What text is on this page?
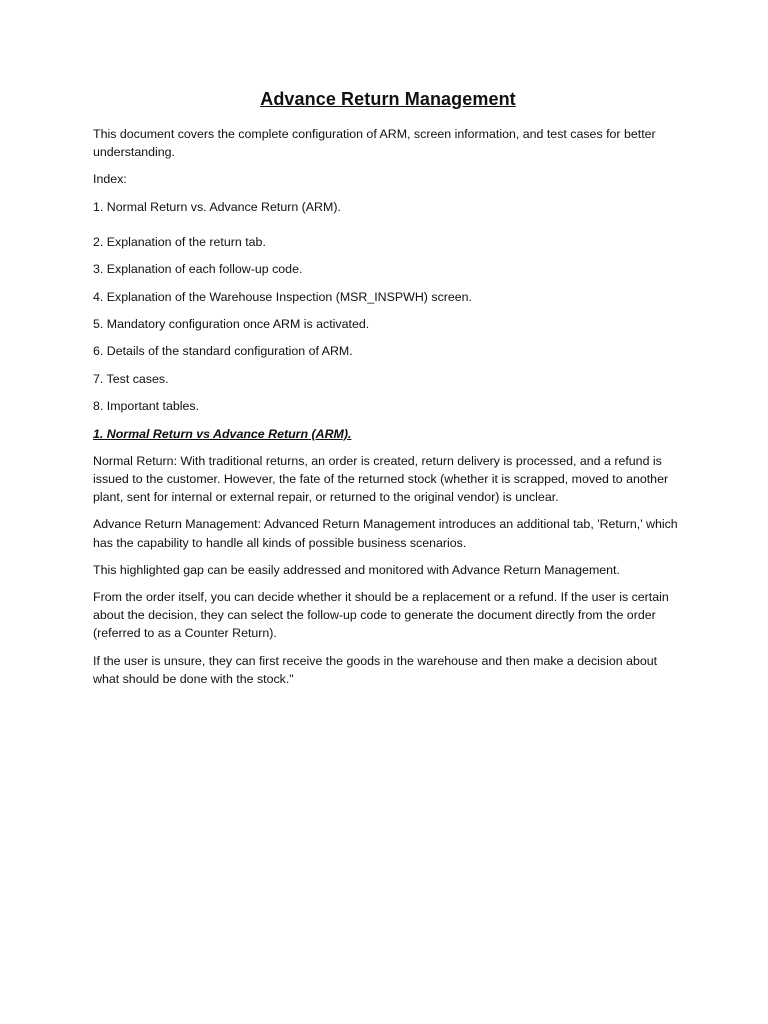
Advance Return Management

This document covers the complete configuration of ARM, screen information, and test cases for better understanding.

Index:

1. Normal Return vs. Advance Return (ARM).

2. Explanation of the return tab.

3. Explanation of each follow-up code.

4. Explanation of the Warehouse Inspection (MSR_INSPWH) screen.

5. Mandatory configuration once ARM is activated.

6. Details of the standard configuration of ARM.

7. Test cases.

8. Important tables.

1. Normal Return vs Advance Return (ARM).

Normal Return: With traditional returns, an order is created, return delivery is processed, and a refund is issued to the customer. However, the fate of the returned stock (whether it is scrapped, moved to another plant, sent for internal or external repair, or returned to the original vendor) is unclear.

Advance Return Management: Advanced Return Management introduces an additional tab, 'Return,' which has the capability to handle all kinds of possible business scenarios.

This highlighted gap can be easily addressed and monitored with Advance Return Management.

From the order itself, you can decide whether it should be a replacement or a refund. If the user is certain about the decision, they can select the follow-up code to generate the document directly from the order (referred to as a Counter Return).

If the user is unsure, they can first receive the goods in the warehouse and then make a decision about what should be done with the stock."
